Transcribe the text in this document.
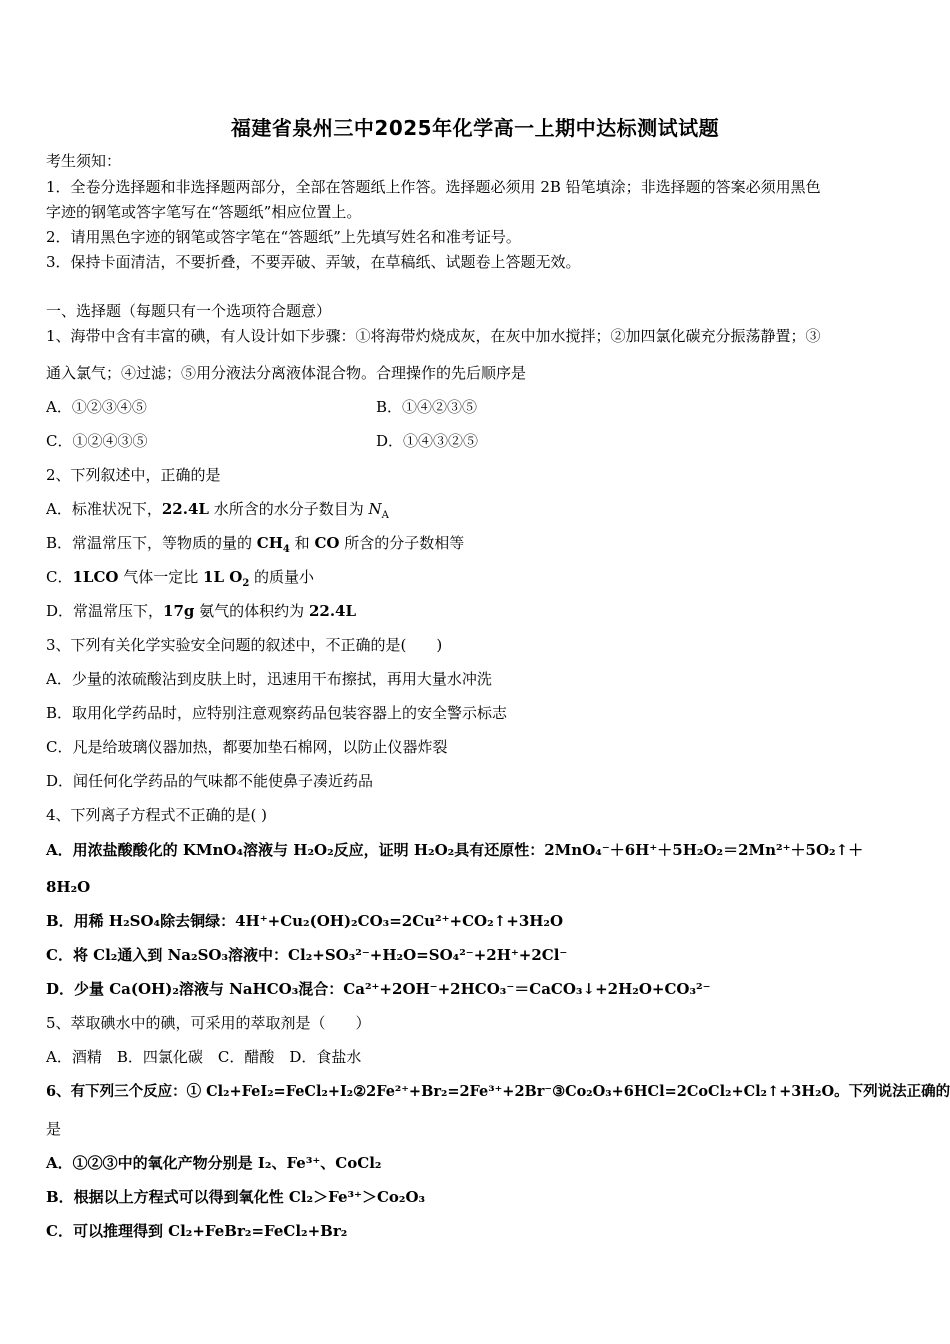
福建省泉州三中2025年化学高一上期中达标测试试题
考生须知：
1．全卷分选择题和非选择题两部分，全部在答题纸上作答。选择题必须用 2B 铅笔填涂；非选择题的答案必须用黑色
字迹的钢笔或答字笔写在“答题纸”相应位置上。
2．请用黑色字迹的钢笔或答字笔在“答题纸”上先填写姓名和准考证号。
3．保持卡面清洁，不要折叠，不要弄破、弄皱，在草稿纸、试题卷上答题无效。
一、选择题（每题只有一个选项符合题意）
1、海带中含有丰富的碘，有人设计如下步骤：①将海带灼烧成灰，在灰中加水搅拌；②加四氯化碳充分振荡静置；③
通入氯气；④过滤；⑤用分液法分离液体混合物。合理操作的先后顺序是
A．①②③④⑤	B．①④②③⑤
C．①②④③⑤	D．①④③②⑤
2、下列叙述中，正确的是
A．标准状况下，22.4L 水所含的水分子数目为 $N_A$
B．常温常压下，等物质的量的 $CH_4$ 和 CO 所含的分子数相等
C．1LCO 气体一定比 1L $O_2$ 的质量小
D．常温常压下，17g 氨气的体积约为 22.4L
3、下列有关化学实验安全问题的叙述中，不正确的是(　　)
A．少量的浓硫酸沾到皮肤上时，迅速用干布擦拭，再用大量水冲洗
B．取用化学药品时，应特别注意观察药品包装容器上的安全警示标志
C．凡是给玻璃仪器加热，都要加垫石棉网，以防止仪器炸裂
D．闻任何化学药品的气味都不能使鼻子凑近药品
4、下列离子方程式不正确的是( )
A．用浓盐酸酸化的 KMnO₄溶液与 H₂O₂反应，证明 H₂O₂具有还原性：2MnO₄⁻＋6H⁺＋5H₂O₂＝2Mn²⁺＋5O₂↑＋
8H₂O
B．用稀 H₂SO₄除去铜绿：4H⁺+Cu₂(OH)₂CO₃=2Cu²⁺+CO₂↑+3H₂O
C．将 Cl₂通入到 Na₂SO₃溶液中：Cl₂+SO₃²⁻+H₂O=SO₄²⁻+2H⁺+2Cl⁻
D．少量 Ca(OH)₂溶液与 NaHCO₃混合：Ca²⁺+2OH⁻+2HCO₃⁻＝CaCO₃↓+2H₂O+CO₃²⁻
5、萃取碘水中的碘，可采用的萃取剂是（　　）
A．酒精　B．四氯化碳　C．醋酸　D．食盐水
6、有下列三个反应：① Cl₂+FeI₂=FeCl₂+I₂②2Fe²⁺+Br₂=2Fe³⁺+2Br⁻③Co₂O₃+6HCl=2CoCl₂+Cl₂↑+3H₂O。下列说法正确的
是
A．①②③中的氧化产物分别是 I₂、Fe³⁺、CoCl₂
B．根据以上方程式可以得到氧化性 Cl₂＞Fe³⁺＞Co₂O₃
C．可以推理得到 Cl₂+FeBr₂=FeCl₂+Br₂
